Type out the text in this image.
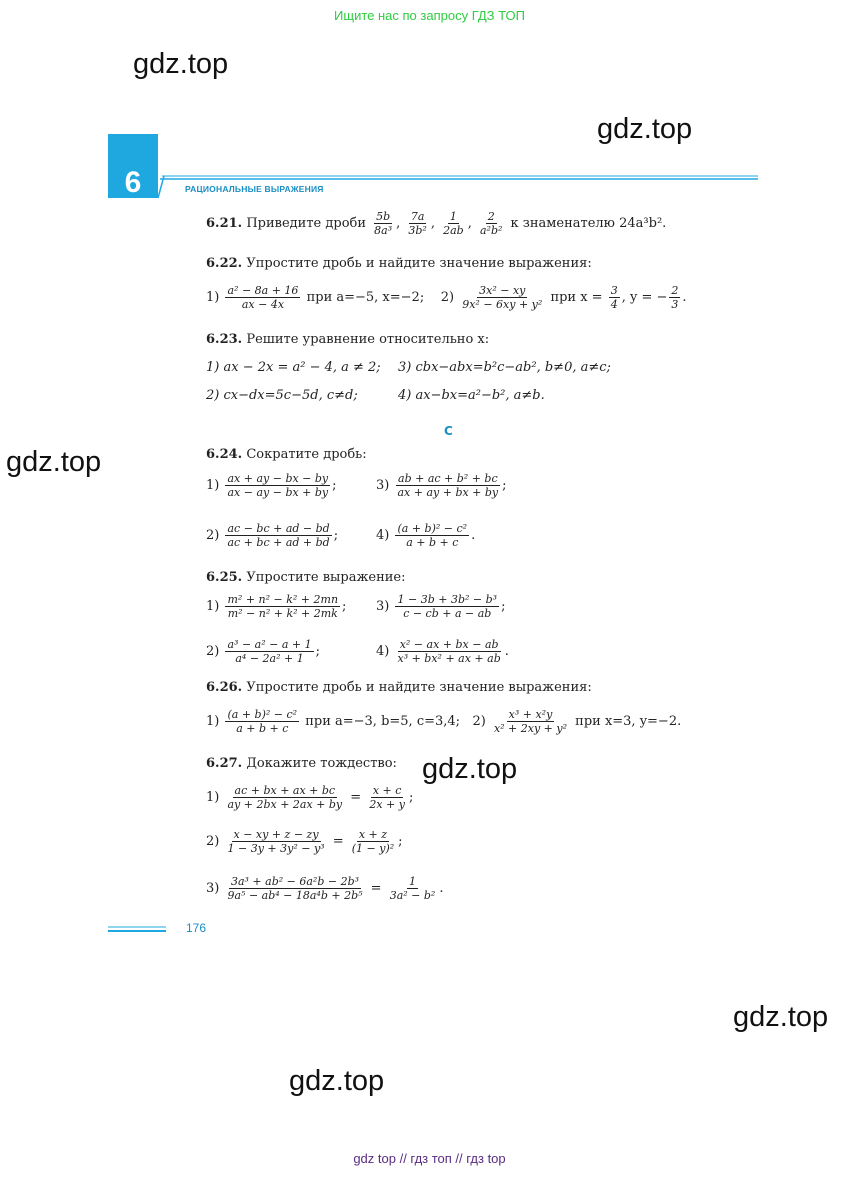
Ищите нас по запросу ГДЗ ТОП
gdz.top
gdz.top
gdz.top
gdz.top
gdz.top
gdz.top
6	РАЦИОНАЛЬНЫЕ ВЫРАЖЕНИЯ
6.21. Приведите дроби $\frac{5b}{\text{8a³}}$ , $\frac{7a}{\text{3b²}}$ , $\frac{1}{2ab}$ , $\frac{2}{\text{a²b²}}$ к знаменателю 24a³b².
6.22. Упростите дробь и найдите значение выражения:
$1) \frac{\text{a² − 8a + 16}}{ax - 4x}$ при a=−5, x=−2;    $2) \frac{\text{3x² − xy}}{\text{9x² − 6xy + y²}}$ при $x = \frac{3}{4}$ , y = − $\frac{2}{3}$ .
6.23. Решите уравнение относительно x:
1) ax − 2x = a² − 4, a ≠ 2; 3) cbx−abx=b²c−ab², b≠0, a≠c;
2) cx−dx=5c−5d, c≠d;	4) ax−bx=a²−b², a≠b.
C
6.24. Сократите дробь:
$1) \frac{ax + ay - bx - by}{ax - ay - bx + by}$ ;	$3) \frac{\text{ab + ac + b² + bc}}{ax + ay + bx + by}$ ;
$2) \frac{ac - bc + ad - bd}{ac + bc + ad + bd}$ ;	$4) \frac{\text{(a + b)² − c²}}{a + b + c}$ .
6.25. Упростите выражение:
$1) \frac{\text{m² + n² − k² + 2mn}}{\text{m² − n² + k² + 2mk}}$ ; $3) \frac{\text{1 − 3b + 3b² − b³}}{c - cb + a - ab}$ ;
$2) \frac{\text{a³ − a² − a + 1}}{\text{a⁴ − 2a² + 1}}$ ;	$4) \frac{\text{x² − ax + bx − ab}}{\text{x³ + bx² + ax + ab}}$ .
6.26. Упростите дробь и найдите значение выражения:
$1) \frac{\text{(a + b)² − c²}}{a + b + c}$ при a=−3, b=5, c=3,4;   $2) \frac{\text{x³ + x²y}}{\text{x² + 2xy + y²}}$ при x=3, y=−2.
6.27. Докажите тождество:
$1) \frac{ac + bx + ax + bc}{ay + 2bx + 2ax + by} = \frac{x + c}{2x + y}$ ;
$2) \frac{x - xy + z - zy}{\text{1 − 3y + 3y² − y³}} = \frac{x + z}{\text{(1 − y)²}}$ ;
$3) \frac{\text{3a³ + ab² − 6a²b − 2b³}}{\text{9a⁵ − ab⁴ − 18a⁴b + 2b⁵}} = \frac{1}{\text{3a² − b²}}$ .
176
gdz top // гдз топ // гдз top
